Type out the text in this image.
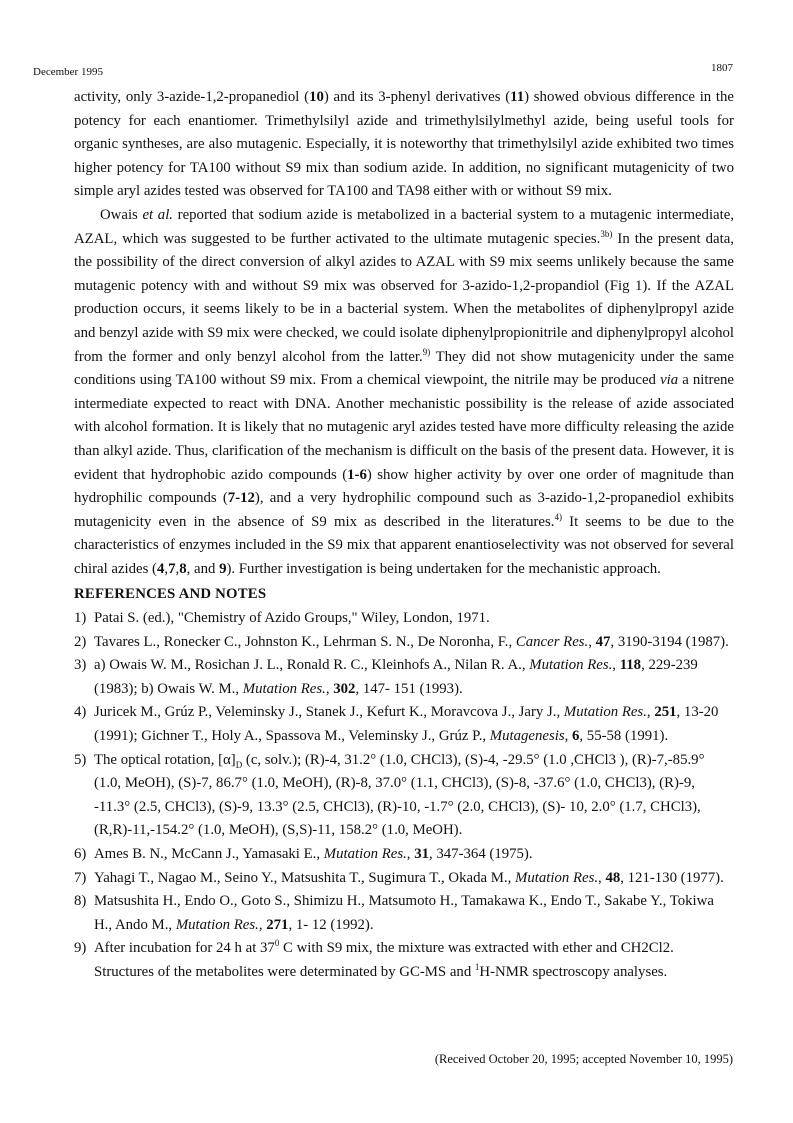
December 1995	1807

activity, only 3-azide-1,2-propanediol (10) and its 3-phenyl derivatives (11) showed obvious difference in the potency for each enantiomer. Trimethylsilyl azide and trimethylsilylmethyl azide, being useful tools for organic syntheses, are also mutagenic. Especially, it is noteworthy that trimethylsilyl azide exhibited two times higher potency for TA100 without S9 mix than sodium azide. In addition, no significant mutagenicity of two simple aryl azides tested was observed for TA100 and TA98 either with or without S9 mix.

Owais et al. reported that sodium azide is metabolized in a bacterial system to a mutagenic intermediate, AZAL, which was suggested to be further activated to the ultimate mutagenic species.$^{3b)}$ In the present data, the possibility of the direct conversion of alkyl azides to AZAL with S9 mix seems unlikely because the same mutagenic potency with and without S9 mix was observed for 3-azido-1,2-propandiol (Fig 1). If the AZAL production occurs, it seems likely to be in a bacterial system. When the metabolites of diphenylpropyl azide and benzyl azide with S9 mix were checked, we could isolate diphenylpropionitrile and diphenylpropyl alcohol from the former and only benzyl alcohol from the latter.$^{9)}$ They did not show mutagenicity under the same conditions using TA100 without S9 mix. From a chemical viewpoint, the nitrile may be produced via a nitrene intermediate expected to react with DNA. Another mechanistic possibility is the release of azide associated with alcohol formation. It is likely that no mutagenic aryl azides tested have more difficulty releasing the azide than alkyl azide. Thus, clarification of the mechanism is difficult on the basis of the present data. However, it is evident that hydrophobic azido compounds (1-6) show higher activity by over one order of magnitude than hydrophilic compounds (7-12), and a very hydrophilic compound such as 3-azido-1,2-propanediol exhibits mutagenicity even in the absence of S9 mix as described in the literatures.$^{4)}$ It seems to be due to the characteristics of enzymes included in the S9 mix that apparent enantioselectivity was not observed for several chiral azides (4,7,8, and 9). Further investigation is being undertaken for the mechanistic approach.

REFERENCES AND NOTES

1) Patai S. (ed.), "Chemistry of Azido Groups," Wiley, London, 1971.
2) Tavares L., Ronecker C., Johnston K., Lehrman S. N., De Noronha, F., Cancer Res., 47, 3190-3194 (1987).
3) a) Owais W. M., Rosichan J. L., Ronald R. C., Kleinhofs A., Nilan R. A., Mutation Res., 118, 229-239 (1983); b) Owais W. M., Mutation Res., 302, 147- 151 (1993).
4) Juricek M., Grúz P., Veleminsky J., Stanek J., Kefurt K., Moravcova J., Jary J., Mutation Res., 251, 13-20 (1991); Gichner T., Holy A., Spassova M., Veleminsky J., Grúz P., Mutagenesis, 6, 55-58 (1991).
5) The optical rotation, $[\alpha]_D$ (c, solv.); (R)-4, 31.2° (1.0, CHCl3), (S)-4, -29.5° (1.0 ,CHCl3 ), (R)-7,-85.9° (1.0, MeOH), (S)-7, 86.7° (1.0, MeOH), (R)-8, 37.0° (1.1, CHCl3), (S)-8, -37.6° (1.0, CHCl3), (R)-9, -11.3° (2.5, CHCl3), (S)-9, 13.3° (2.5, CHCl3), (R)-10, -1.7° (2.0, CHCl3), (S)- 10, 2.0° (1.7, CHCl3), (R,R)-11,-154.2° (1.0, MeOH), (S,S)-11, 158.2° (1.0, MeOH).
6) Ames B. N., McCann J., Yamasaki E., Mutation Res., 31, 347-364 (1975).
7) Yahagi T., Nagao M., Seino Y., Matsushita T., Sugimura T., Okada M., Mutation Res., 48, 121-130 (1977).
8) Matsushita H., Endo O., Goto S., Shimizu H., Matsumoto H., Tamakawa K., Endo T., Sakabe Y., Tokiwa H., Ando M., Mutation Res., 271, 1- 12 (1992).
9) After incubation for 24 h at $37^0$ C with S9 mix, the mixture was extracted with ether and CH2Cl2. Structures of the metabolites were determinated by GC-MS and $^1$H-NMR spectroscopy analyses.
(Received October 20, 1995; accepted November 10, 1995)
